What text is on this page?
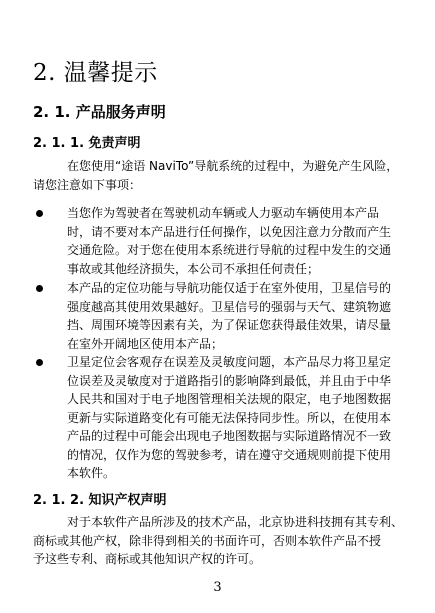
2. 温馨提示
2. 1. 产品服务声明
2. 1. 1. 免责声明
在您使用“途语 NaviTo”导航系统的过程中，为避免产生风险，
请您注意如下事项：
当您作为驾驶者在驾驶机动车辆或人力驱动车辆使用本产品
时，请不要对本产品进行任何操作，以免因注意力分散而产生
交通危险。对于您在使用本系统进行导航的过程中发生的交通
事故或其他经济损失，本公司不承担任何责任；
本产品的定位功能与导航功能仅适于在室外使用，卫星信号的
强度越高其使用效果越好。卫星信号的强弱与天气、建筑物遮
挡、周围环境等因素有关，为了保证您获得最佳效果，请尽量
在室外开阔地区使用本产品；
卫星定位会客观存在误差及灵敏度问题，本产品尽力将卫星定
位误差及灵敏度对于道路指引的影响降到最低，并且由于中华
人民共和国对于电子地图管理相关法规的限定，电子地图数据
更新与实际道路变化有可能无法保持同步性。所以，在使用本
产品的过程中可能会出现电子地图数据与实际道路情况不一致
的情况，仅作为您的驾驶参考，请在遵守交通规则前提下使用
本软件。
2. 1. 2. 知识产权声明
对于本软件产品所涉及的技术产品，北京协进科技拥有其专利、
商标或其他产权，除非得到相关的书面许可，否则本软件产品不授
予这些专利、商标或其他知识产权的许可。
3
